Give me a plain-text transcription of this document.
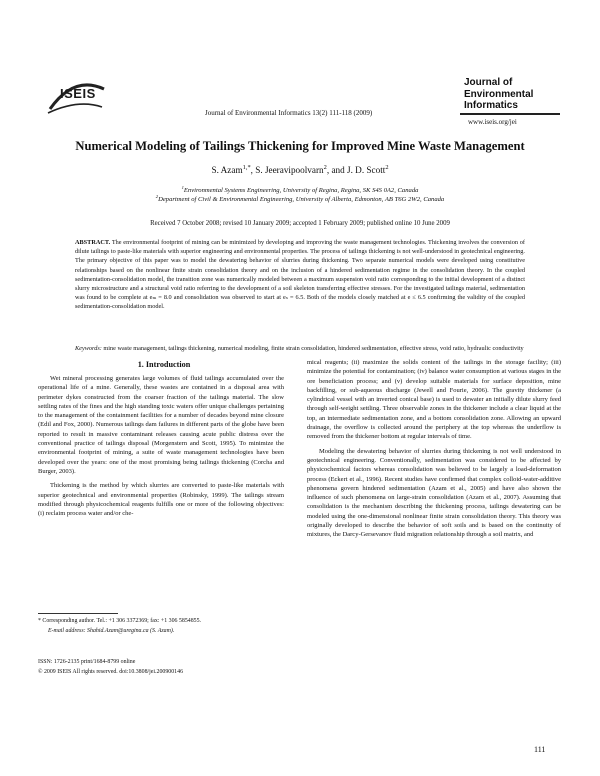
ISEIS
Journal of
Environmental
Informatics
www.iseis.org/jei
Journal of Environmental Informatics 13(2) 111-118 (2009)
Numerical Modeling of Tailings Thickening for Improved Mine Waste Management
S. Azam$^{1,*}$, S. Jeeravipoolvarn$^2$, and J. D. Scott$^2$
$^1$Environmental Systems Engineering, University of Regina, Regina, SK S4S 0A2, Canada
$^2$Department of Civil & Environmental Engineering, University of Alberta, Edmonton, AB T6G 2W2, Canada
Received 7 October 2008; revised 10 January 2009; accepted 1 February 2009; published online 10 June 2009
ABSTRACT. The environmental footprint of mining can be minimized by developing and improving the waste management technologies. Thickening involves the conversion of dilute tailings to paste-like materials with superior engineering and environmental properties. The process of tailings thickening is not well-understood in geotechnical engineering. The primary objective of this paper was to model the dewatering behavior of slurries during thickening. Two separate numerical models were developed using constitutive relationships based on the nonlinear finite strain consolidation theory and on the inclusion of a hindered sedimentation regime in the consolidation theory. In the coupled sedimentation-consolidation model, the transition zone was numerically modeled between a maximum suspension void ratio corresponding to the initial development of a distinct slurry microstructure and a structural void ratio referring to the development of a soil skeleton transferring effective stresses. For the investigated tailings material, sedimentation was found to be complete at eₘ = 8.0 and consolidation was observed to start at eₛ = 6.5. Both of the models closely matched at e ≤ 6.5 confirming the validity of the coupled sedimentation-consolidation model.
Keywords: mine waste management, tailings thickening, numerical modeling, finite strain consolidation, hindered sedimentation, effective stress, void ratio, hydraulic conductivity
1. Introduction

Wet mineral processing generates large volumes of fluid tailings accumulated over the operational life of a mine. Generally, these wastes are contained in a disposal area with perimeter dykes constructed from the coarser fraction of the tailings material. The slow settling rates of the fines and the high standing toxic waters offer unique challenges pertaining to the management of the containment facilities for a number of decades beyond mine closure (Edil and Fox, 2000). Numerous tailings dam failures in different parts of the globe have been reported to result in massive contaminant releases causing acute public distress over the conventional practice of tailings disposal (Morgenstern and Scott, 1995). To minimize the environmental footprint of mining, a suite of waste management technologies have been developed over the years: one of the most promising being tailings thickening (Corcha and Burger, 2003).

Thickening is the method by which slurries are converted to paste-like materials with superior geotechnical and environmental properties (Robinsky, 1999). The tailings stream modified through physicochemical reagents fulfills one or more of the following objectives: (i) reclaim process water and/or che-

mical reagents; (ii) maximize the solids content of the tailings in the storage facility; (iii) minimize the potential for contamination; (iv) balance water consumption at various stages in the ore beneficiation process; and (v) develop suitable materials for surface deposition, mine backfilling, or sub-aqueous discharge (Jewell and Fourie, 2006). The gravity thickener (a cylindrical vessel with an inverted conical base) is used to dewater an initially dilute slurry feed through self-weight settling. Three observable zones in the thickener include a clear liquid at the top, an intermediate sedimentation zone, and a bottom consolidation zone. Allowing an upward drainage, the overflow is collected around the periphery at the top whereas the underflow is removed from the thickener bottom at regular intervals of time.

Modeling the dewatering behavior of slurries during thickening is not well understood in geotechnical engineering. Conventionally, sedimentation was considered to be affected by physicochemical factors whereas consolidation was believed to be largely a load-deformation process (Eckert et al., 1996). Recent studies have confirmed that complex colloid-water-additive phenomena govern hindered sedimentation (Azam et al., 2005) and have also shown the influence of such phenomena on large-strain consolidation (Azam et al., 2007). Assuming that consolidation is the mechanism describing the thickening process, tailings dewatering can be modeled using the one-dimensional nonlinear finite strain consolidation theory. This theory was originally developed to describe the behavior of soft soils and is based on the continuity of mixtures, the Darcy-Gersevanov fluid migration relationship through a soil matrix, and

* Corresponding author. Tel.: +1 306 3372369; fax: +1 306 5854855.
E-mail address: Shahid.Azam@uregina.ca (S. Azam).
ISSN: 1726-2135 print/1684-8799 online
© 2009 ISEIS All rights reserved. doi:10.3808/jei.200900146
111
